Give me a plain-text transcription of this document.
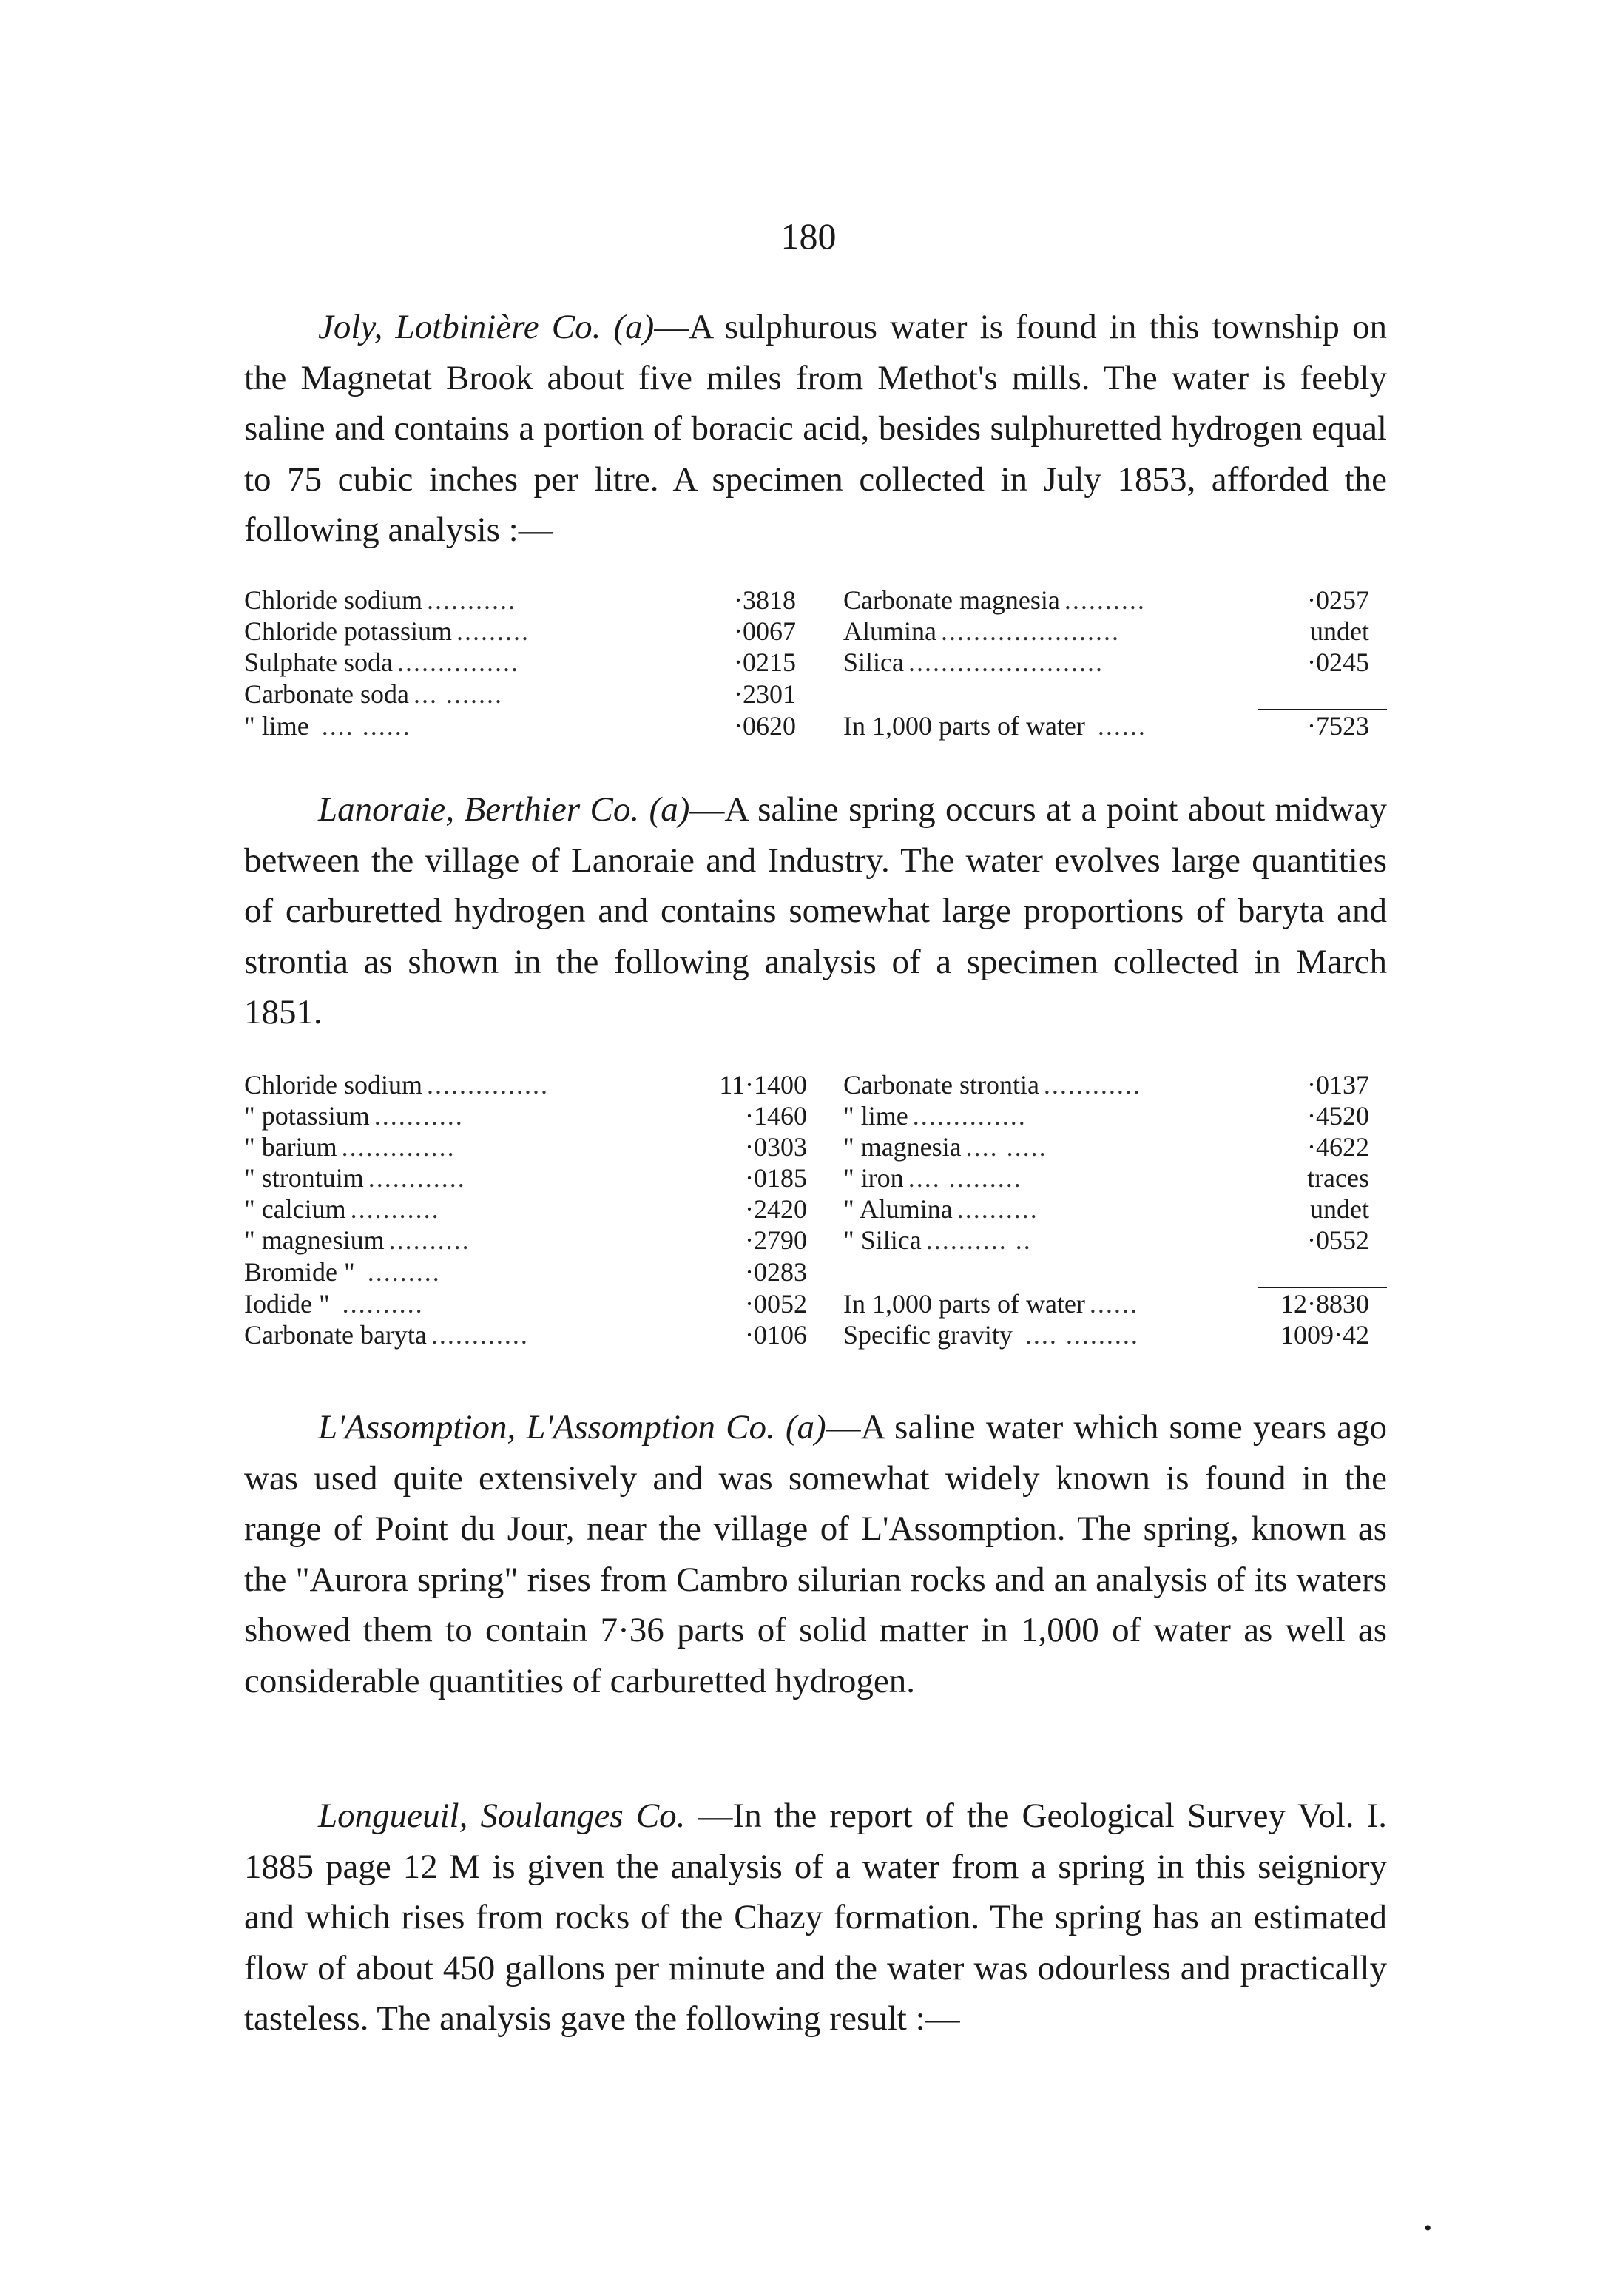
180

Joly, Lotbinière Co. (a)—A sulphurous water is found in this township on the Magnetat Brook about five miles from Methot's mills. The water is feebly saline and contains a portion of boracic acid, besides sulphuretted hydrogen equal to 75 cubic inches per litre. A specimen collected in July 1853, afforded the following analysis :—

Chloride sodium ...........	·3818		Carbonate magnesia ..........	·0257
Chloride potassium .........	·0067		Alumina ......................	undet
Sulphate soda ...............	·0215		Silica ........................	·0245
Carbonate soda ... .......	·2301			
" lime .... ......	·0620		In 1,000 parts of water ......	·7523

Lanoraie, Berthier Co. (a)—A saline spring occurs at a point about midway between the village of Lanoraie and Industry. The water evolves large quantities of carburetted hydrogen and contains somewhat large proportions of baryta and strontia as shown in the following analysis of a specimen collected in March 1851.

Chloride sodium ...............	11·1400		Carbonate strontia ............	·0137
" potassium ...........	·1460		" lime ..............	·4520
" barium ..............	·0303		" magnesia .... .....	·4622
" strontuim ............	·0185		" iron .... .........	traces
" calcium ...........	·2420		" Alumina ..........	undet
" magnesium ..........	·2790		" Silica .......... ..	·0552
Bromide " .........	·0283			
Iodide " ..........	·0052		In 1,000 parts of water ......	12·8830
Carbonate baryta ............	·0106		Specific gravity .... .........	1009·42

L'Assomption, L'Assomption Co. (a)—A saline water which some years ago was used quite extensively and was somewhat widely known is found in the range of Point du Jour, near the village of L'Assomption. The spring, known as the "Aurora spring" rises from Cambro silurian rocks and an analysis of its waters showed them to contain 7·36 parts of solid matter in 1,000 of water as well as considerable quantities of carburetted hydrogen.

Longueuil, Soulanges Co. —In the report of the Geological Survey Vol. I. 1885 page 12 M is given the analysis of a water from a spring in this seigniory and which rises from rocks of the Chazy formation. The spring has an estimated flow of about 450 gallons per minute and the water was odourless and practically tasteless. The analysis gave the following result :—

•
